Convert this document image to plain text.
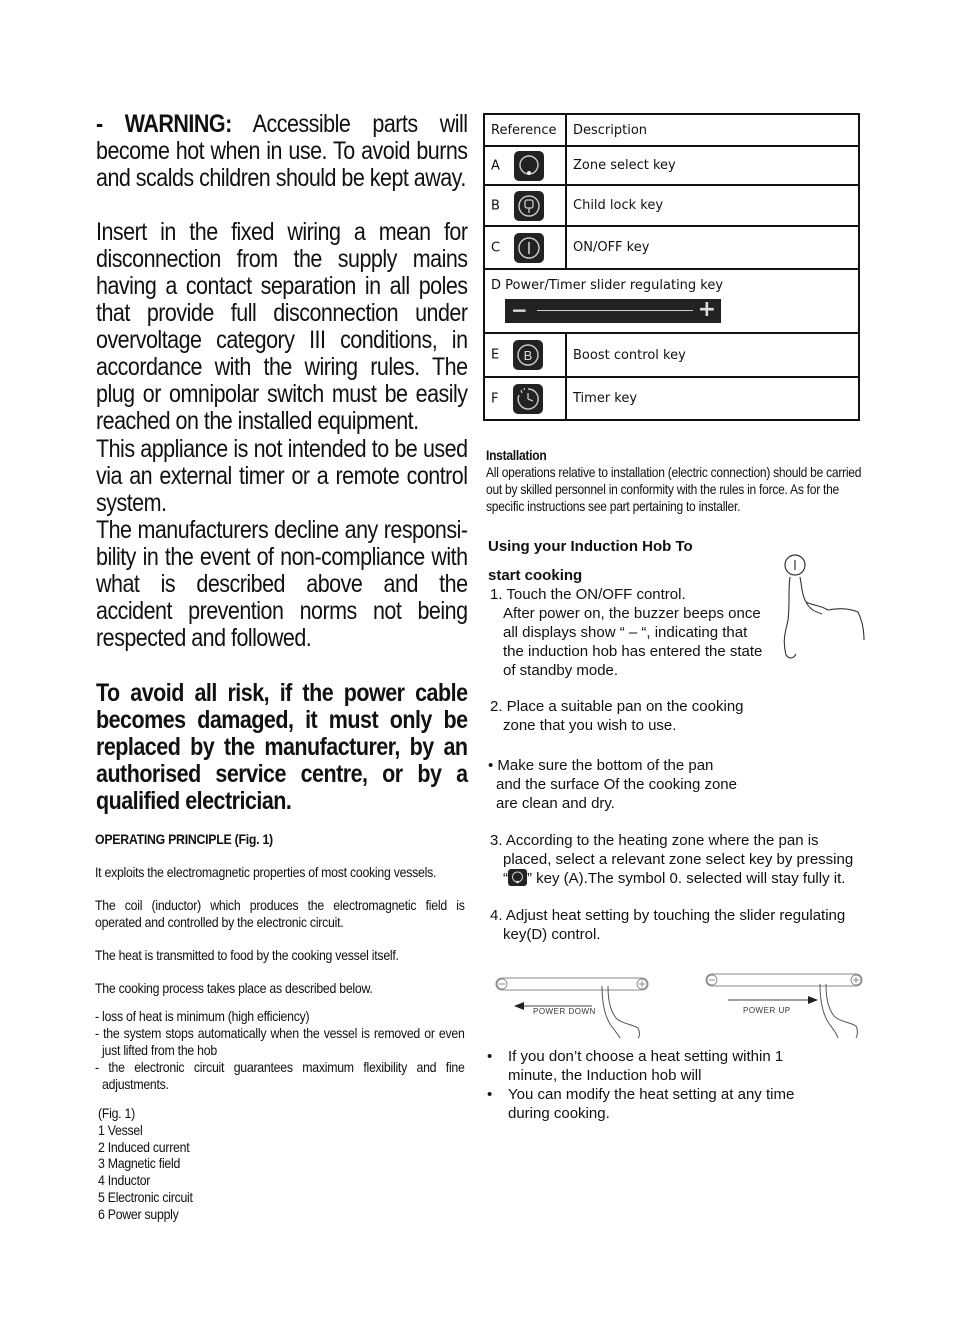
- WARNING: Accessible parts will become hot when in use. To avoid burns and scalds children should be kept away.
Insert in the fixed wiring a mean for disconnection from the supply mains having a contact separation in all poles that provide full disconnection under overvoltage category III conditions, in accordance with the wiring rules. The plug or omnipolar switch must be easily reached on the installed equipment.
This appliance is not intended to be used via an external timer or a remote control system.
The manufacturers decline any responsi-bility in the event of non-compliance with what is described above and the accident prevention norms not being respected and followed.
To avoid all risk, if the power cable becomes damaged, it must only be replaced by the manufacturer, by an authorised service centre, or by a qualified electrician.
OPERATING PRINCIPLE (Fig. 1)
It exploits the electromagnetic properties of most cooking vessels.
The coil (inductor) which produces the electromagnetic field is operated and controlled by the electronic circuit.
The heat is transmitted to food by the cooking vessel itself.
The cooking process takes place as described below.

- loss of heat is minimum (high efficiency)

- the system stops automatically when the vessel is removed or even just lifted from the hob

- the electronic circuit guarantees maximum flexibility and fine adjustments.

(Fig. 1)

1 Vessel

2 Induced current

3 Magnetic field

4 Inductor

5 Electronic circuit

6 Power supply

Reference	Description
A	Zone select key
B	Child lock key
C	ON/OFF key

D Power/Timer slider regulating key
− +	

E B	Boost control key
F	Timer key
Installation
All operations relative to installation (electric connection) should be carried out by skilled personnel in conformity with the rules in force. As for the specific instructions see part pertaining to installer.
Using your Induction Hob To
start cooking
1. Touch the ON/OFF control.
After power on, the buzzer beeps once
all displays show “ – “, indicating that
the induction hob has entered the state
of standby mode.
2. Place a suitable pan on the cooking
zone that you wish to use.
• Make sure the bottom of the pan
and the surface Of the cooking zone
are clean and dry.
3. According to the heating zone where the pan is
placed, select a relevant zone select key by pressing
“ ” key (A).The symbol 0. selected will stay fully it.
4. Adjust heat setting by touching the slider regulating
key(D) control.
POWER DOWN	POWER UP
• If you don’t choose a heat setting within 1
minute, the Induction hob will
• You can modify the heat setting at any time
during cooking.
